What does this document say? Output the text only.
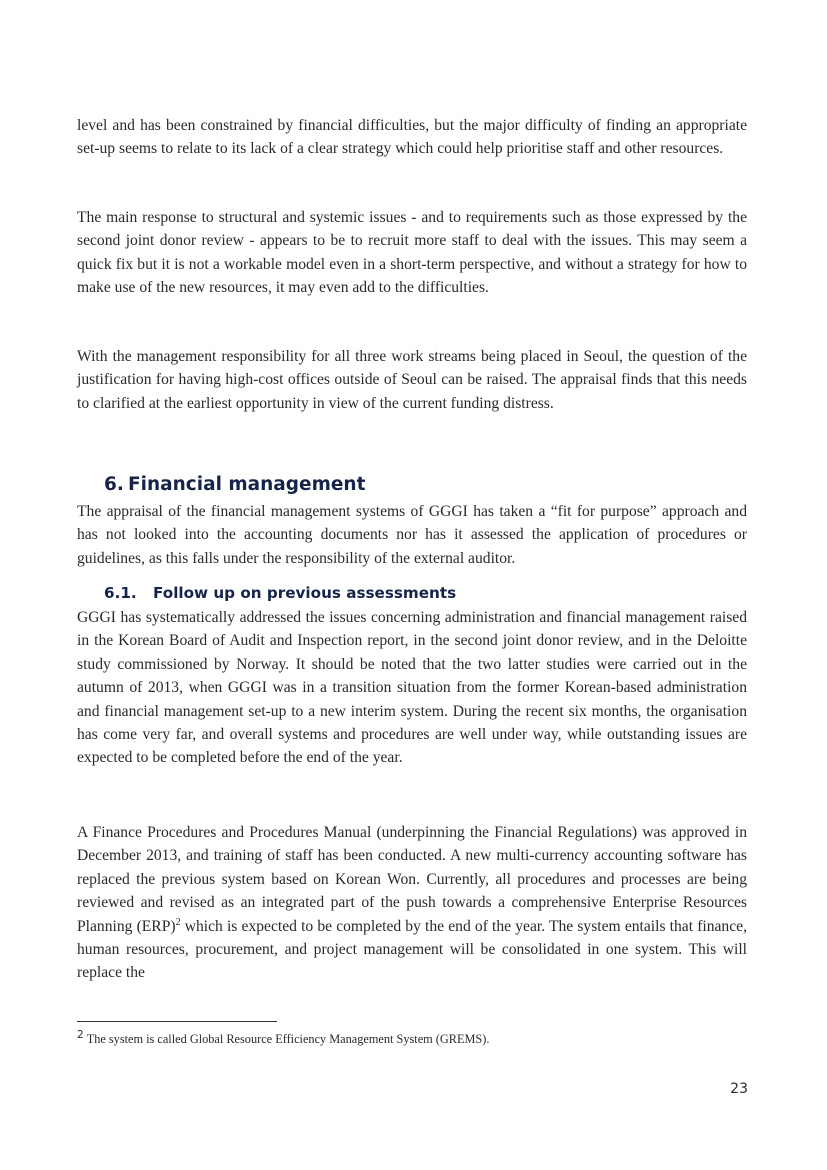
level and has been constrained by financial difficulties, but the major difficulty of finding an appropriate set-up seems to relate to its lack of a clear strategy which could help prioritise staff and other resources.

The main response to structural and systemic issues - and to requirements such as those expressed by the second joint donor review - appears to be to recruit more staff to deal with the issues. This may seem a quick fix but it is not a workable model even in a short-term perspective, and without a strategy for how to make use of the new resources, it may even add to the difficulties.

With the management responsibility for all three work streams being placed in Seoul, the question of the justification for having high-cost offices outside of Seoul can be raised. The appraisal finds that this needs to clarified at the earliest opportunity in view of the current funding distress.

6. Financial management

The appraisal of the financial management systems of GGGI has taken a “fit for purpose” approach and has not looked into the accounting documents nor has it assessed the application of procedures or guidelines, as this falls under the responsibility of the external auditor.

6.1. Follow up on previous assessments

GGGI has systematically addressed the issues concerning administration and financial management raised in the Korean Board of Audit and Inspection report, in the second joint donor review, and in the Deloitte study commissioned by Norway. It should be noted that the two latter studies were carried out in the autumn of 2013, when GGGI was in a transition situation from the former Korean-based administration and financial management set-up to a new interim system. During the recent six months, the organisation has come very far, and overall systems and procedures are well under way, while outstanding issues are expected to be completed before the end of the year.

A Finance Procedures and Procedures Manual (underpinning the Financial Regulations) was approved in December 2013, and training of staff has been conducted. A new multi-currency accounting software has replaced the previous system based on Korean Won. Currently, all procedures and processes are being reviewed and revised as an integrated part of the push towards a comprehensive Enterprise Resources Planning (ERP)$^2$ which is expected to be completed by the end of the year. The system entails that finance, human resources, procurement, and project management will be consolidated in one system. This will replace the

2 The system is called Global Resource Efficiency Management System (GREMS).

23
